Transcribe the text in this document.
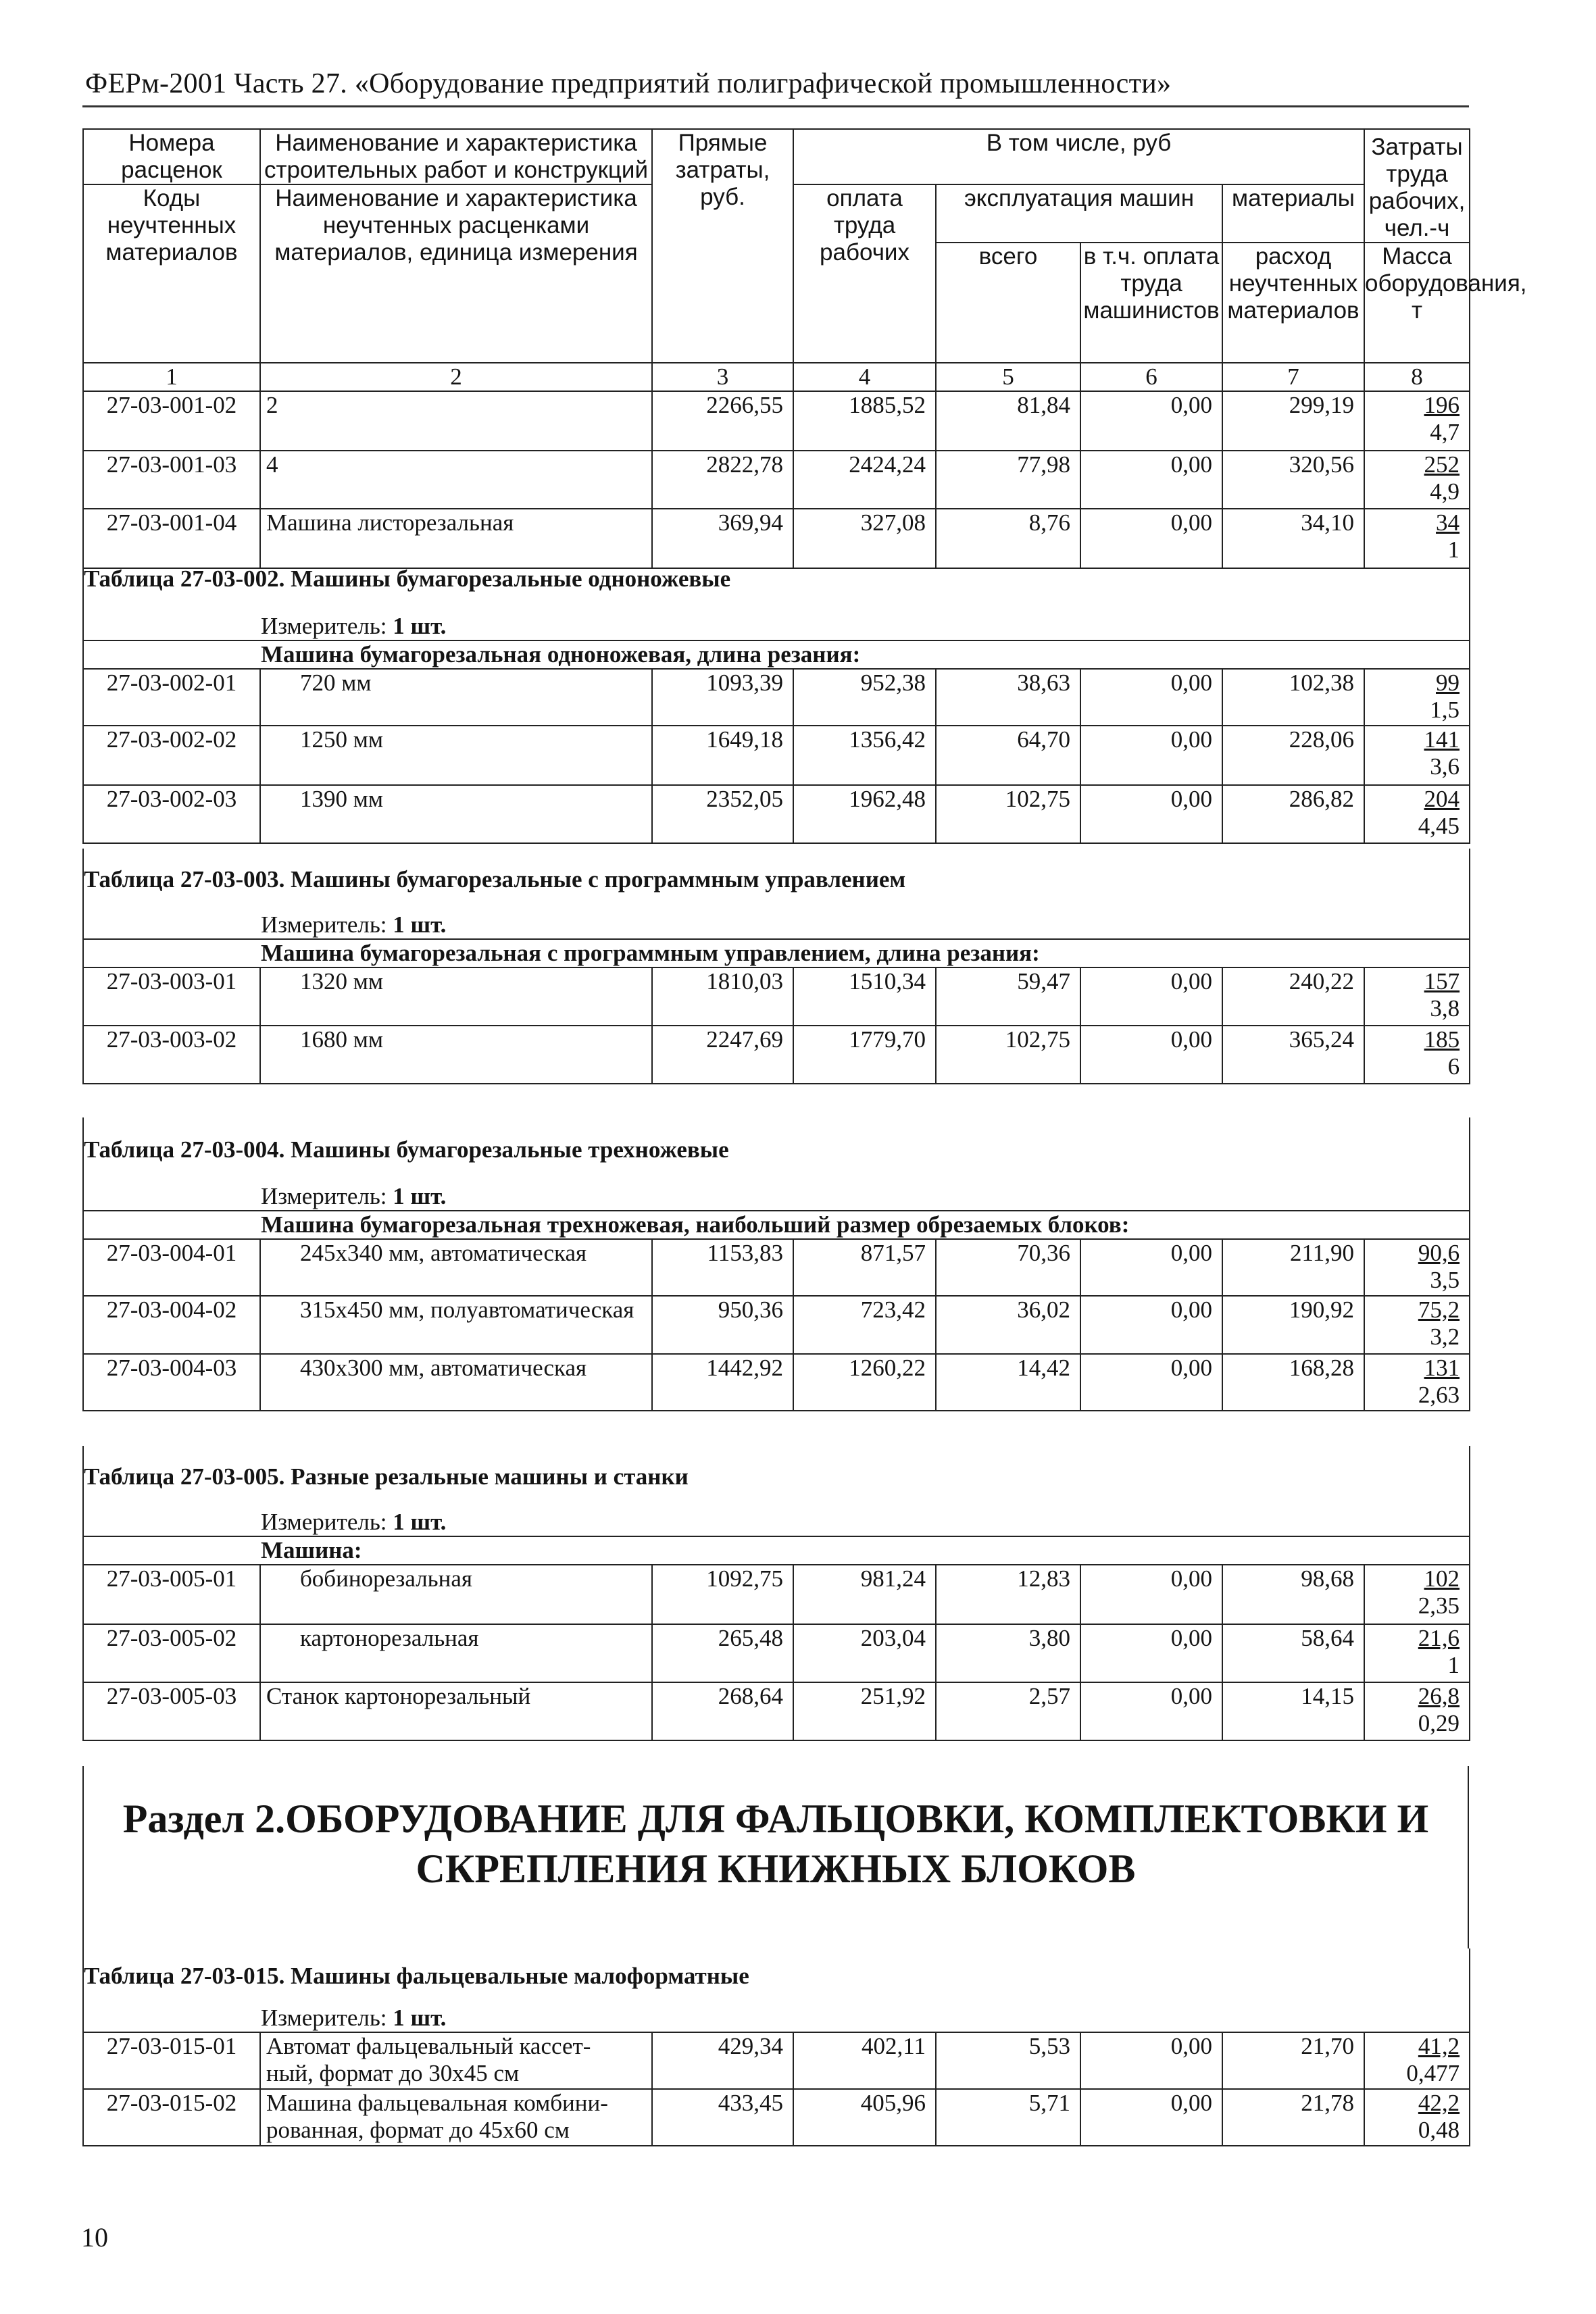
ФЕРм-2001 Часть 27. «Оборудование предприятий полиграфической промышленности»
Номера расценок	Наименование и характеристика строительных работ и конструкций	Прямые затраты, руб.	В том числе, руб				Затраты труда рабочих, чел.-ч
Коды неучтенных материалов	Наименование и характеристика неучтенных расценками материалов, единица измерения		оплата труда рабочих	эксплуатация машин		материалы	
				всего	в т.ч. оплата труда машинистов	расход неучтенных материалов	Масса оборудования, т
1	2	3	4	5	6	7	8
27-03-001-02	2	2266,55	1885,52	81,84	0,00	299,19	196
4,7
27-03-001-03	4	2822,78	2424,24	77,98	0,00	320,56	252
4,9
27-03-001-04	Машина листорезальная	369,94	327,08	8,76	0,00	34,10	34
1
Таблица 27-03-002. Машины бумагорезальные одноножевые							
Измеритель: 1 шт.							
Машина бумагорезальная одноножевая, длина резания:							
27-03-002-01	720 мм	1093,39	952,38	38,63	0,00	102,38	99
1,5
27-03-002-02	1250 мм	1649,18	1356,42	64,70	0,00	228,06	141
3,6
27-03-002-03	1390 мм	2352,05	1962,48	102,75	0,00	286,82	204
4,45
Таблица 27-03-003. Машины бумагорезальные с программным управлением							
Измеритель: 1 шт.							
Машина бумагорезальная с программным управлением, длина резания:							
27-03-003-01	1320 мм	1810,03	1510,34	59,47	0,00	240,22	157
3,8
27-03-003-02	1680 мм	2247,69	1779,70	102,75	0,00	365,24	185
6
Таблица 27-03-004. Машины бумагорезальные трехножевые							
Измеритель: 1 шт.							
Машина бумагорезальная трехножевая, наибольший размер обрезаемых блоков:							
27-03-004-01	245х340 мм, автоматическая	1153,83	871,57	70,36	0,00	211,90	90,6
3,5
27-03-004-02	315х450 мм, полуавтоматическая	950,36	723,42	36,02	0,00	190,92	75,2
3,2
27-03-004-03	430х300 мм, автоматическая	1442,92	1260,22	14,42	0,00	168,28	131
2,63
Таблица 27-03-005. Разные резальные машины и станки							
Измеритель: 1 шт.							
Машина:							
27-03-005-01	бобинорезальная	1092,75	981,24	12,83	0,00	98,68	102
2,35
27-03-005-02	картонорезальная	265,48	203,04	3,80	0,00	58,64	21,6
1
27-03-005-03	Станок картонорезальный	268,64	251,92	2,57	0,00	14,15	26,8
0,29
Раздел 2.ОБОРУДОВАНИЕ ДЛЯ ФАЛЬЦОВКИ, КОМПЛЕКТОВКИ И
СКРЕПЛЕНИЯ КНИЖНЫХ БЛОКОВ
Таблица 27-03-015. Машины фальцевальные малоформатные							
Измеритель: 1 шт.							
27-03-015-01	Автомат фальцевальный кассет-
ный, формат до 30х45 см	429,34	402,11	5,53	0,00	21,70	41,2
0,477
27-03-015-02	Машина фальцевальная комбини-
рованная, формат до 45х60 см	433,45	405,96	5,71	0,00	21,78	42,2
0,48
10
